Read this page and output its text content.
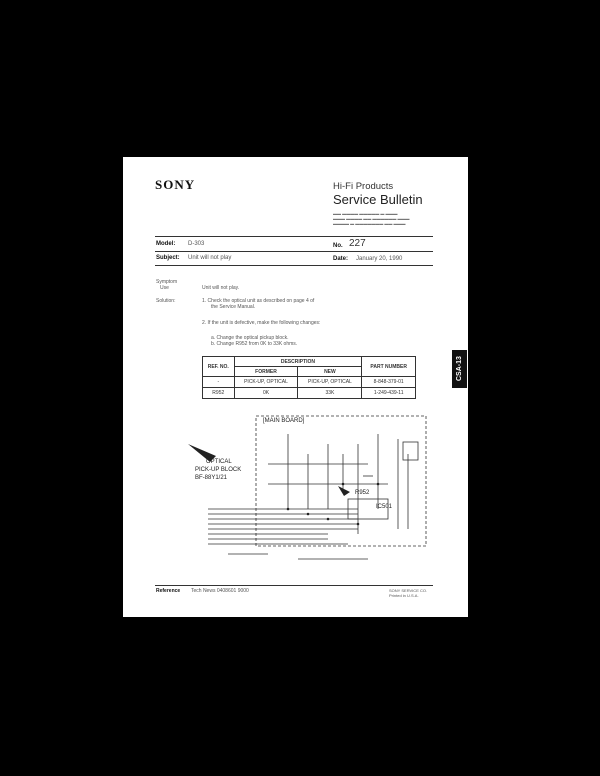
SONY	Hi-Fi Products
Service Bulletin
▬▬ ▬▬▬▬ ▬▬▬▬▬ ▬ ▬▬▬
▬▬▬ ▬▬▬▬ ▬▬ ▬▬▬▬▬▬ ▬▬▬
▬▬▬▬ ▬ ▬▬▬▬▬▬▬ ▬▬ ▬▬▬
Model: D-303	No. 227
Subject: Unit will not play	Date: January 20, 1990
Symptom
Use	Unit will not play.
Solution:	1. Check the optical unit as described on page 4 of
the Service Manual.
2. If the unit is defective, make the following changes:
a. Change the optical pickup block.
b. Change R952 from 0K to 33K ohms.
REF. NO.	DESCRIPTION		PART NUMBER
	FORMER	NEW	
-	PICK-UP, OPTICAL	PICK-UP, OPTICAL	8-848-379-01
R952	0K	33K	1-249-439-11
[MAIN BOARD]
OPTICAL
PICK-UP BLOCK
BF-88Y1/21
R952
IC501
Reference Tech News 0408601 9000	SONY SERVICE CO.
Printed in U.S.A.
CSA-13
